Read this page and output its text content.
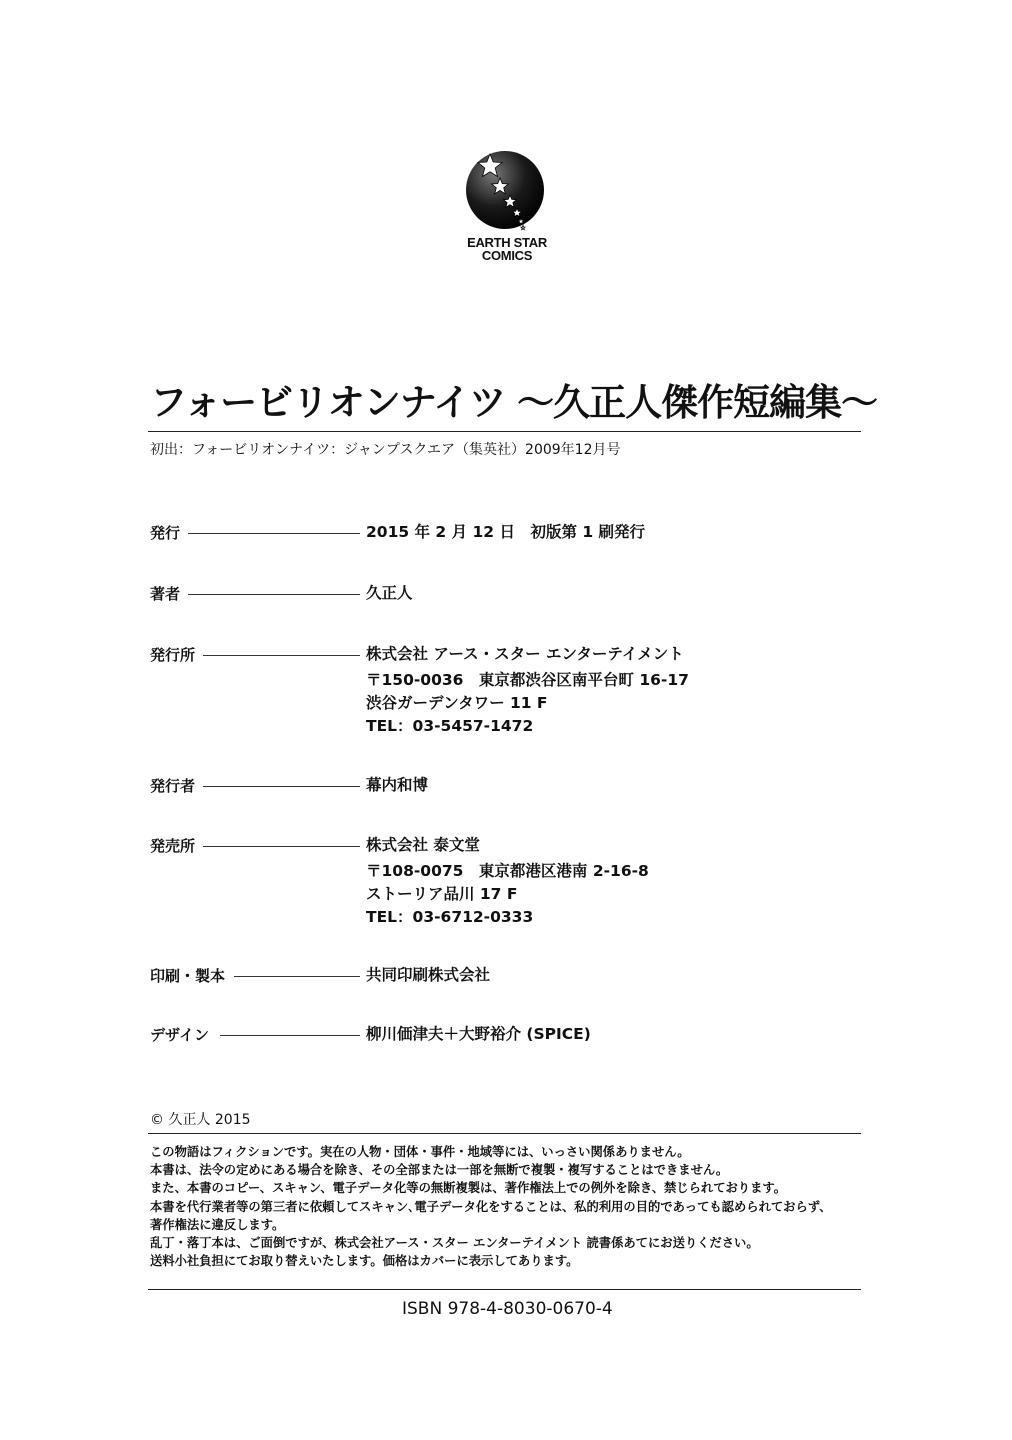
EARTH STAR
COMICS
フォービリオンナイツ ～久正人傑作短編集～
初出：フォービリオンナイツ：ジャンプスクエア（集英社）2009年12月号
発行	2015 年 2 月 12 日　初版第 1 刷発行
著者	久正人
発行所	株式会社 アース・スター エンターテイメント
〒150-0036　東京都渋谷区南平台町 16-17
渋谷ガーデンタワー 11 F
TEL：03-5457-1472
発行者	幕内和博
発売所	株式会社 泰文堂
〒108-0075　東京都港区港南 2-16-8
ストーリア品川 17 F
TEL：03-6712-0333
印刷・製本	共同印刷株式会社
デザイン	柳川価津夫＋大野裕介 (SPICE)
© 久正人 2015
この物語はフィクションです。実在の人物・団体・事件・地域等には、いっさい関係ありません。
本書は、法令の定めにある場合を除き、その全部または一部を無断で複製・複写することはできません。
また、本書のコピー、スキャン、電子データ化等の無断複製は、著作権法上での例外を除き、禁じられております。
本書を代行業者等の第三者に依頼してスキャン､電子データ化をすることは、私的利用の目的であっても認められておらず、
著作権法に違反します。
乱丁・落丁本は、ご面倒ですが、株式会社アース・スター エンターテイメント 読書係あてにお送りください。
送料小社負担にてお取り替えいたします。価格はカバーに表示してあります。
ISBN 978-4-8030-0670-4
